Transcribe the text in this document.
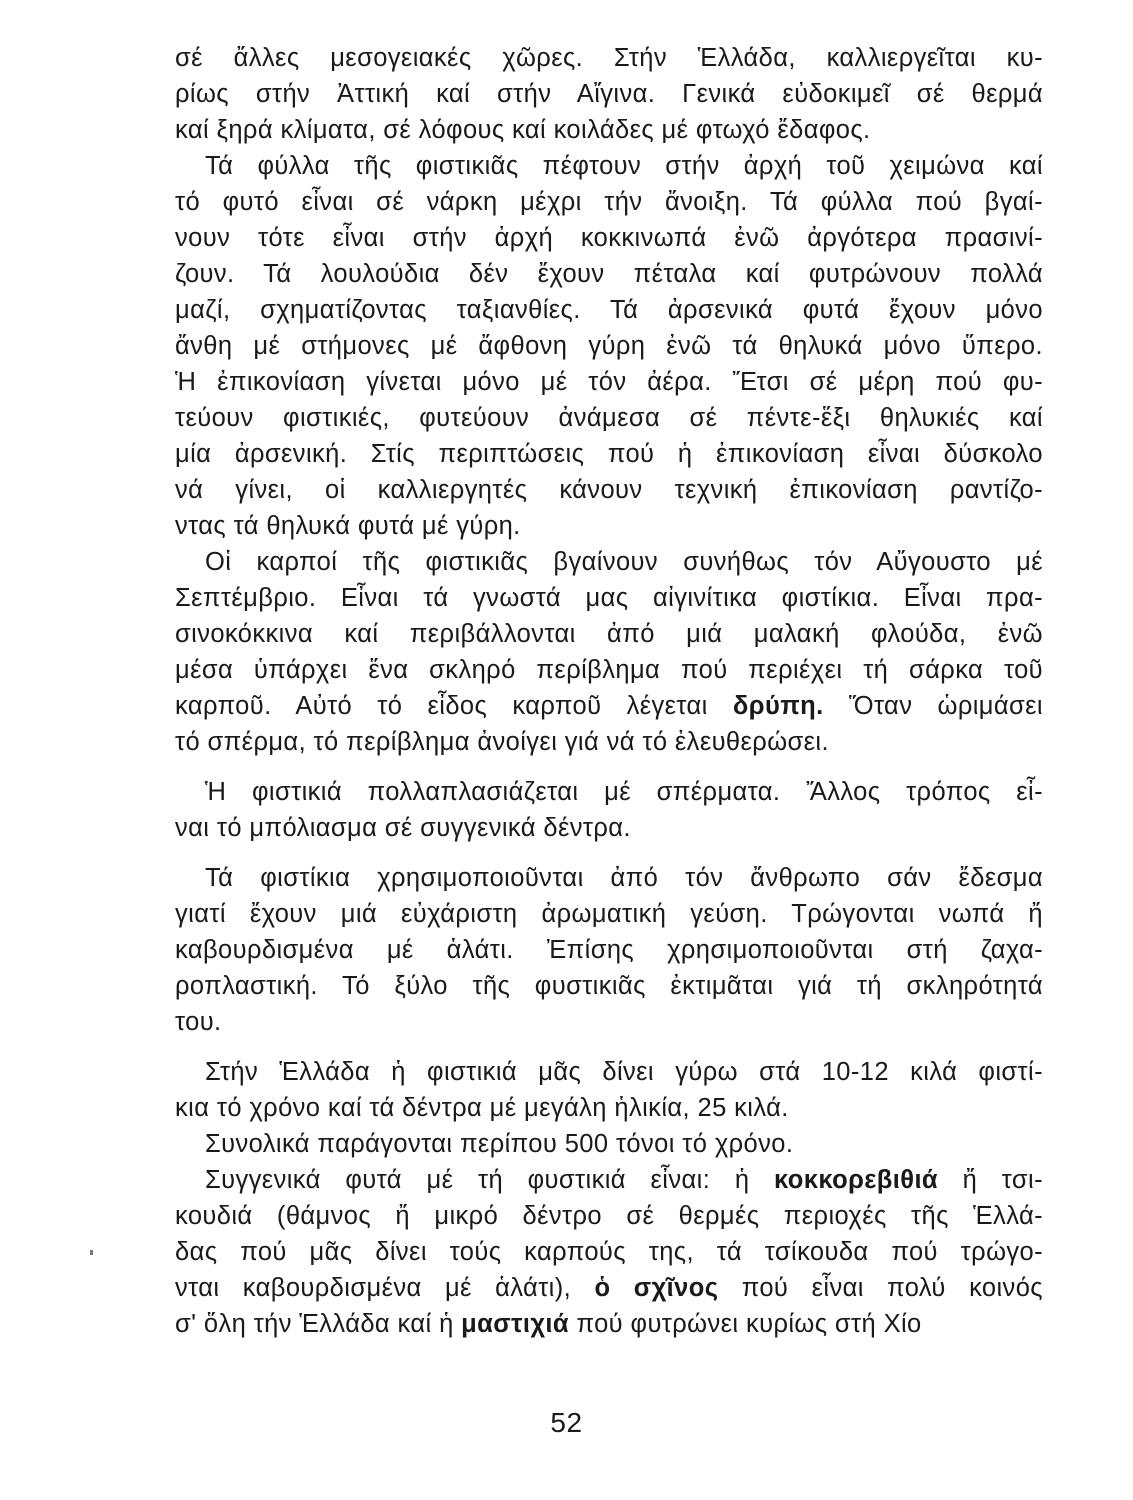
σέ ἄλλες μεσογειακές χῶρες. Στήν Ἑλλάδα, καλλιεργεῖται κυ-
ρίως στήν Ἀττική καί στήν Αἴγινα. Γενικά εὐδοκιμεῖ σέ θερμά
καί ξηρά κλίματα, σέ λόφους καί κοιλάδες μέ φτωχό ἔδαφος.
Τά φύλλα τῆς φιστικιᾶς πέφτουν στήν ἀρχή τοῦ χειμώνα καί
τό φυτό εἶναι σέ νάρκη μέχρι τήν ἄνοιξη. Τά φύλλα πού βγαί-
νουν τότε εἶναι στήν ἀρχή κοκκινωπά ἐνῶ ἀργότερα πρασινί-
ζουν. Τά λουλούδια δέν ἔχουν πέταλα καί φυτρώνουν πολλά
μαζί, σχηματίζοντας ταξιανθίες. Τά ἀρσενικά φυτά ἔχουν μόνο
ἄνθη μέ στήμονες μέ ἄφθονη γύρη ἐνῶ τά θηλυκά μόνο ὕπερο.
Ἡ ἐπικονίαση γίνεται μόνο μέ τόν ἀέρα. Ἔτσι σέ μέρη πού φυ-
τεύουν φιστικιές, φυτεύουν ἀνάμεσα σέ πέντε-ἕξι θηλυκιές καί
μία ἀρσενική. Στίς περιπτώσεις πού ἡ ἐπικονίαση εἶναι δύσκολο
νά γίνει, οἱ καλλιεργητές κάνουν τεχνική ἐπικονίαση ραντίζο-
ντας τά θηλυκά φυτά μέ γύρη.
Οἱ καρποί τῆς φιστικιᾶς βγαίνουν συνήθως τόν Αὔγουστο μέ
Σεπτέμβριο. Εἶναι τά γνωστά μας αἰγινίτικα φιστίκια. Εἶναι πρα-
σινοκόκκινα καί περιβάλλονται ἀπό μιά μαλακή φλούδα, ἐνῶ
μέσα ὑπάρχει ἕνα σκληρό περίβλημα πού περιέχει τή σάρκα τοῦ
καρποῦ. Αὐτό τό εἶδος καρποῦ λέγεται δρύπη. Ὅταν ὡριμάσει
τό σπέρμα, τό περίβλημα ἀνοίγει γιά νά τό ἐλευθερώσει.
Ἡ φιστικιά πολλαπλασιάζεται μέ σπέρματα. Ἄλλος τρόπος εἶ-
ναι τό μπόλιασμα σέ συγγενικά δέντρα.
Τά φιστίκια χρησιμοποιοῦνται ἀπό τόν ἄνθρωπο σάν ἔδεσμα
γιατί ἔχουν μιά εὐχάριστη ἀρωματική γεύση. Τρώγονται νωπά ἤ
καβουρδισμένα μέ ἁλάτι. Ἐπίσης χρησιμοποιοῦνται στή ζαχα-
ροπλαστική. Τό ξύλο τῆς φυστικιᾶς ἐκτιμᾶται γιά τή σκληρότητά
του.
Στήν Ἑλλάδα ἡ φιστικιά μᾶς δίνει γύρω στά 10-12 κιλά φιστί-
κια τό χρόνο καί τά δέντρα μέ μεγάλη ἡλικία, 25 κιλά.
Συνολικά παράγονται περίπου 500 τόνοι τό χρόνο.
Συγγενικά φυτά μέ τή φυστικιά εἶναι: ἡ κοκκορεβιθιά ἤ τσι-
κουδιά (θάμνος ἤ μικρό δέντρο σέ θερμές περιοχές τῆς Ἑλλά-
δας πού μᾶς δίνει τούς καρπούς της, τά τσίκουδα πού τρώγο-
νται καβουρδισμένα μέ ἁλάτι), ὁ σχῖνος πού εἶναι πολύ κοινός
σ' ὅλη τήν Ἑλλάδα καί ἡ μαστιχιά πού φυτρώνει κυρίως στή Χίο
52
